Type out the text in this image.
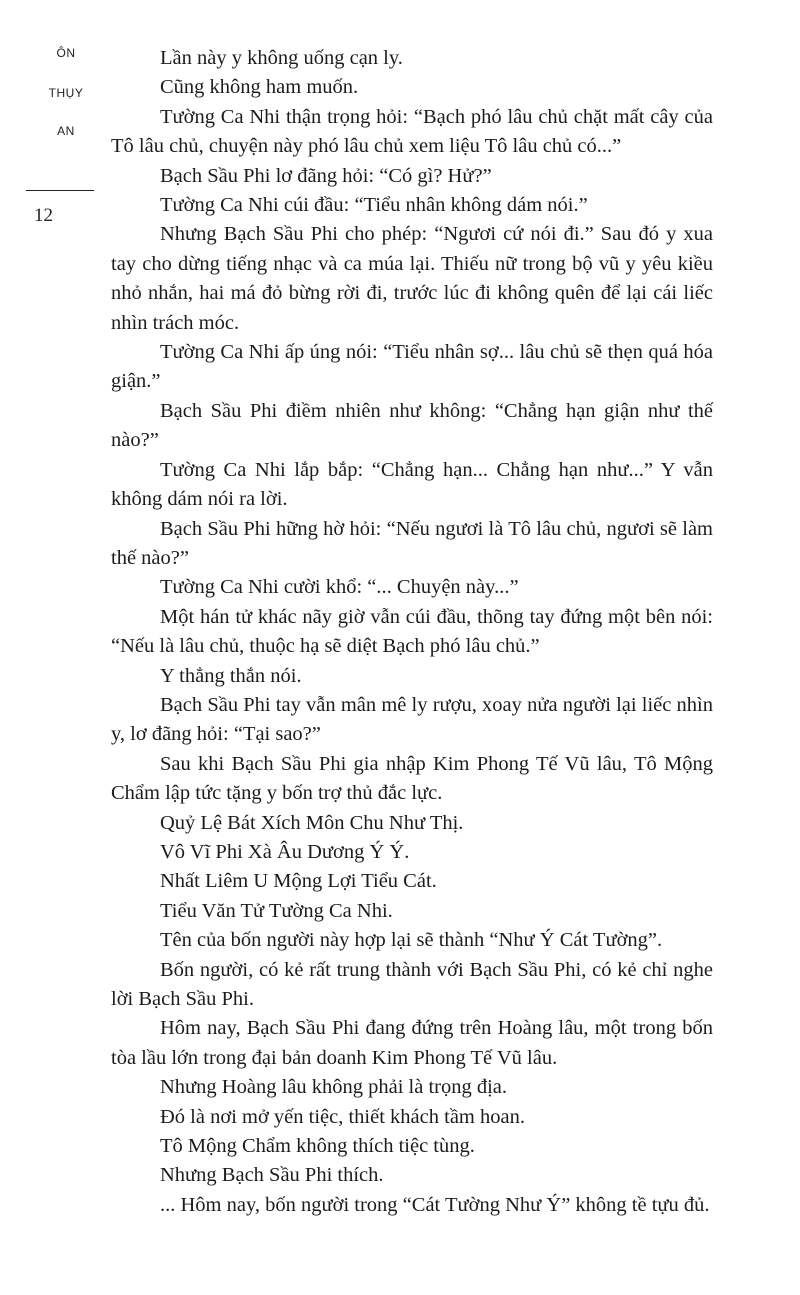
ÔN
THỤY
AN
12

Lần này y không uống cạn ly.

Cũng không ham muốn.

Tường Ca Nhi thận trọng hỏi: “Bạch phó lâu chủ chặt mất cây của Tô lâu chủ, chuyện này phó lâu chủ xem liệu Tô lâu chủ có...”

Bạch Sầu Phi lơ đãng hỏi: “Có gì? Hử?”

Tường Ca Nhi cúi đầu: “Tiểu nhân không dám nói.”

Nhưng Bạch Sầu Phi cho phép: “Ngươi cứ nói đi.” Sau đó y xua tay cho dừng tiếng nhạc và ca múa lại. Thiếu nữ trong bộ vũ y yêu kiều nhỏ nhắn, hai má đỏ bừng rời đi, trước lúc đi không quên để lại cái liếc nhìn trách móc.

Tường Ca Nhi ấp úng nói: “Tiểu nhân sợ... lâu chủ sẽ thẹn quá hóa giận.”

Bạch Sầu Phi điềm nhiên như không: “Chẳng hạn giận như thế nào?”

Tường Ca Nhi lắp bắp: “Chẳng hạn... Chẳng hạn như...” Y vẫn không dám nói ra lời.

Bạch Sầu Phi hững hờ hỏi: “Nếu ngươi là Tô lâu chủ, ngươi sẽ làm thế nào?”

Tường Ca Nhi cười khổ: “... Chuyện này...”

Một hán tử khác nãy giờ vẫn cúi đầu, thõng tay đứng một bên nói: “Nếu là lâu chủ, thuộc hạ sẽ diệt Bạch phó lâu chủ.”

Y thẳng thắn nói.

Bạch Sầu Phi tay vẫn mân mê ly rượu, xoay nửa người lại liếc nhìn y, lơ đãng hỏi: “Tại sao?”

Sau khi Bạch Sầu Phi gia nhập Kim Phong Tế Vũ lâu, Tô Mộng Chẩm lập tức tặng y bốn trợ thủ đắc lực.

Quỷ Lệ Bát Xích Môn Chu Như Thị.

Vô Vĩ Phi Xà Âu Dương Ý Ý.

Nhất Liêm U Mộng Lợi Tiểu Cát.

Tiểu Văn Tử Tường Ca Nhi.

Tên của bốn người này hợp lại sẽ thành “Như Ý Cát Tường”.

Bốn người, có kẻ rất trung thành với Bạch Sầu Phi, có kẻ chỉ nghe lời Bạch Sầu Phi.

Hôm nay, Bạch Sầu Phi đang đứng trên Hoàng lâu, một trong bốn tòa lầu lớn trong đại bản doanh Kim Phong Tế Vũ lâu.

Nhưng Hoàng lâu không phải là trọng địa.

Đó là nơi mở yến tiệc, thiết khách tầm hoan.

Tô Mộng Chẩm không thích tiệc tùng.

Nhưng Bạch Sầu Phi thích.

... Hôm nay, bốn người trong “Cát Tường Như Ý” không tề tựu đủ.
